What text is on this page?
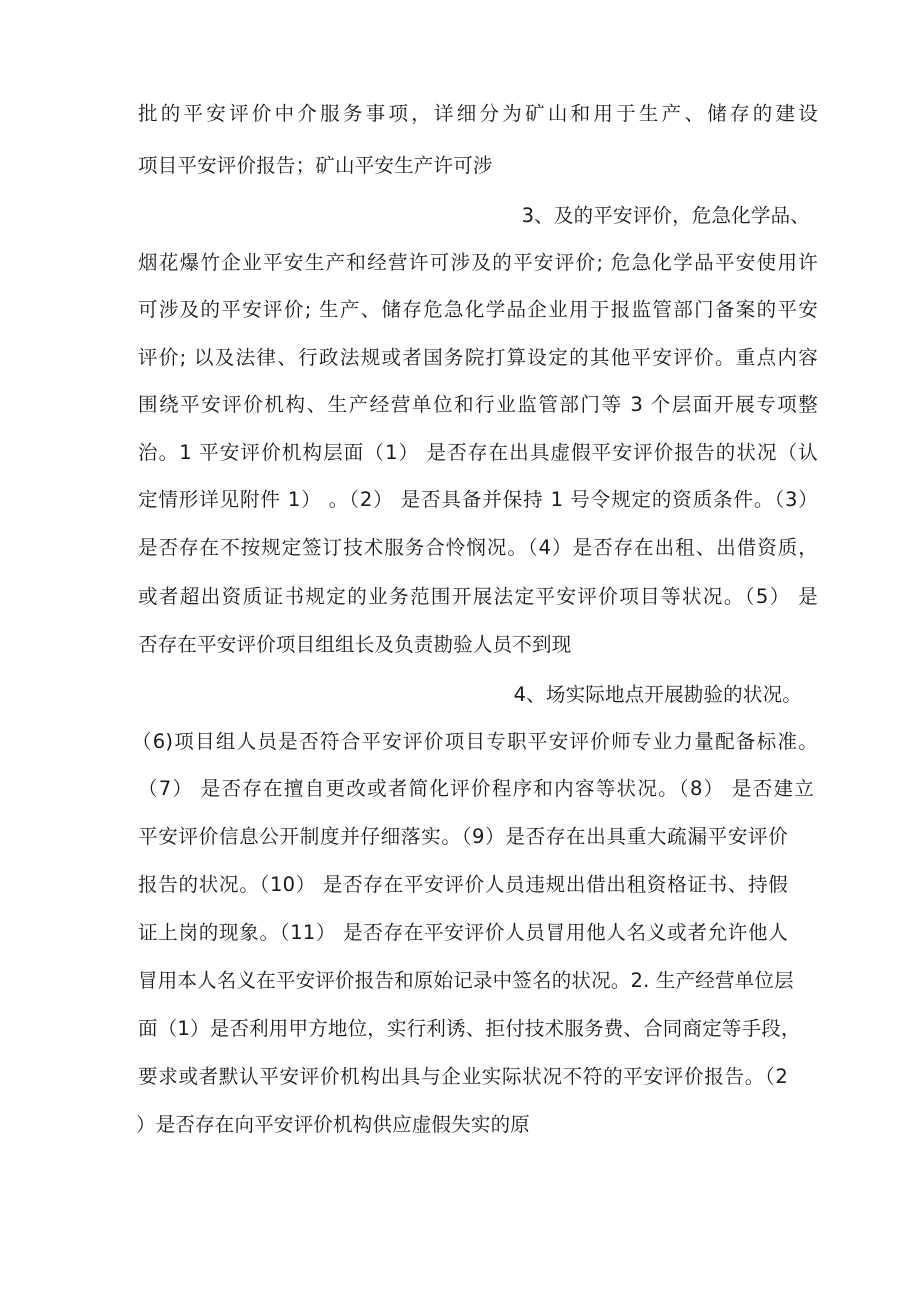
批的平安评价中介服务事项，详细分为矿山和用于生产、储存的建设
项目平安评价报告；矿山平安生产许可涉
3、及的平安评价，危急化学品、
烟花爆竹企业平安生产和经营许可涉及的平安评价; 危急化学品平安使用许
可涉及的平安评价; 生产、储存危急化学品企业用于报监管部门备案的平安
评价; 以及法律、行政法规或者国务院打算设定的其他平安评价。重点内容
围绕平安评价机构、生产经营单位和行业监管部门等 3 个层面开展专项整
治。1 平安评价机构层面（1） 是否存在出具虚假平安评价报告的状况（认
定情形详见附件 1） 。（2） 是否具备并保持 1 号令规定的资质条件。（3）
是否存在不按规定签订技术服务合怜悯况。（4）是否存在出租、出借资质，
或者超出资质证书规定的业务范围开展法定平安评价项目等状况。（5） 是
否存在平安评价项目组组长及负责勘验人员不到现
4、场实际地点开展勘验的状况。
（6)项目组人员是否符合平安评价项目专职平安评价师专业力量配备标准。
（7） 是否存在擅自更改或者简化评价程序和内容等状况。（8） 是否建立
平安评价信息公开制度并仔细落实。（9）是否存在出具重大疏漏平安评价
报告的状况。（10） 是否存在平安评价人员违规出借出租资格证书、持假
证上岗的现象。（11） 是否存在平安评价人员冒用他人名义或者允许他人
冒用本人名义在平安评价报告和原始记录中签名的状况。2. 生产经营单位层
面（1）是否利用甲方地位，实行利诱、拒付技术服务费、合同商定等手段，
要求或者默认平安评价机构出具与企业实际状况不符的平安评价报告。（2
）是否存在向平安评价机构供应虚假失实的原
